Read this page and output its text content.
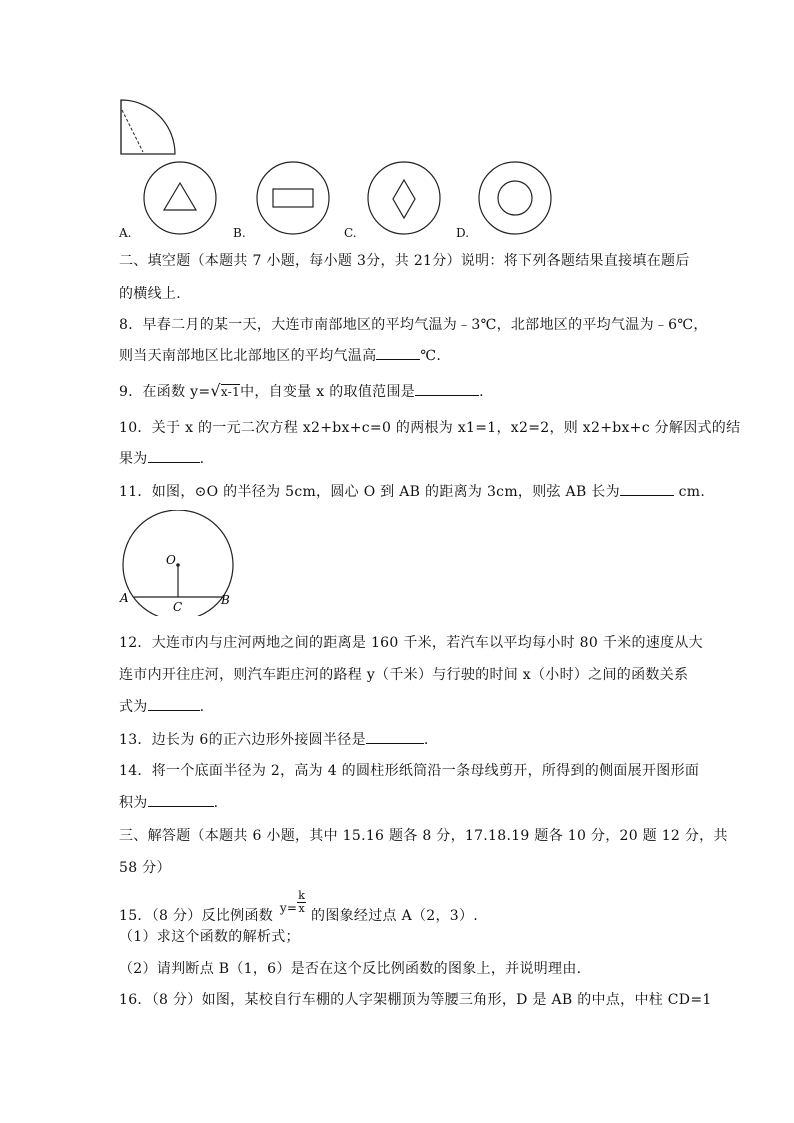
A.	B.	C.	D.
二、填空题（本题共 7 小题，每小题 3分，共 21分）说明：将下列各题结果直接填在题后
的横线上.
8．早春二月的某一天，大连市南部地区的平均气温为﹣3℃，北部地区的平均气温为﹣6℃，
则当天南部地区比北部地区的平均气温高	℃.
9．在函数 y=√x-1中，自变量 x 的取值范围是	.
10．关于 x 的一元二次方程 x2+bx+c=0 的两根为 x1=1，x2=2，则 x2+bx+c 分解因式的结
果为	.
11．如图，⊙O 的半径为 5cm，圆心 O 到 AB 的距离为 3cm，则弦 AB 长为	cm.
O
A	B
C
12．大连市内与庄河两地之间的距离是 160 千米，若汽车以平均每小时 80 千米的速度从大
连市内开往庄河，则汽车距庄河的路程 y（千米）与行驶的时间 x（小时）之间的函数关系
式为	.
13．边长为 6‍的正六边形外接圆半径是	.
14．将一个底面半径为 2，高为 4 的圆柱形纸筒沿一条母线剪开，所得到的侧面展开图形面
积为	.
三、解答题（本题共 6 小题，其中 15.16 题各 8 分，17.18.19 题各 10 分，20 题 12 分，共
58 分）
15．（8 分）反比例函数 $y= \frac{k}{x}$
的图象经过点 A（2，3）.
（1）求这个函数的解析式；
（2）请判断点 B（1，6）是否在这个反比例函数的图象上，并说明理由.
16．（8 分）如图，某校自行车棚的人字架棚顶为等腰三角形，D 是 AB 的中点，中柱 CD=1
